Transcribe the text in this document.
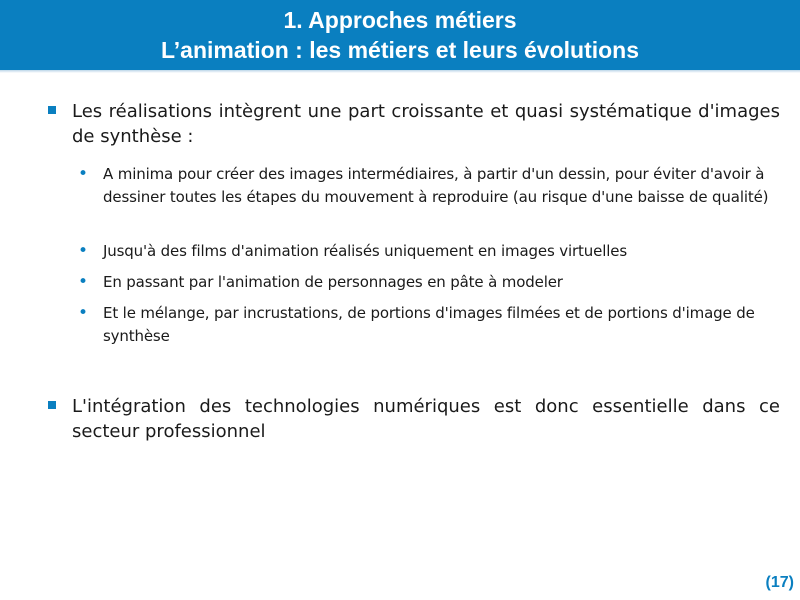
1. Approches métiers
L’animation : les métiers et leurs évolutions
Les réalisations intègrent une part croissante et quasi systématique d'images de synthèse :
• A minima pour créer des images intermédiaires, à partir d'un dessin, pour éviter d'avoir à dessiner toutes les étapes du mouvement à reproduire (au risque d'une baisse de qualité)
• Jusqu'à des films d'animation réalisés uniquement en images virtuelles
• En passant par l'animation de personnages en pâte à modeler
• Et le mélange, par incrustations, de portions d'images filmées et de portions d'image de synthèse
L'intégration des technologies numériques est donc essentielle dans ce secteur professionnel
(17)
